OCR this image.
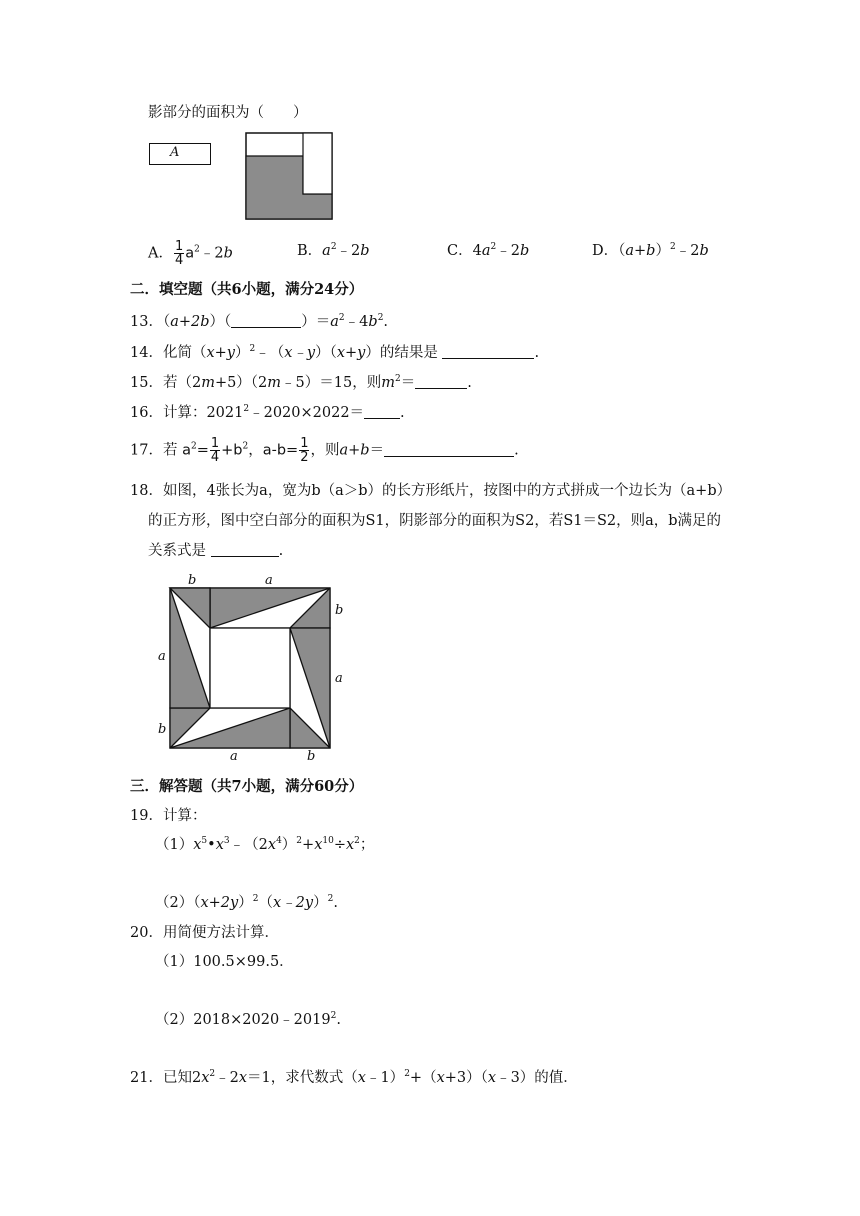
影部分的面积为（　　）
A
A． $\frac{1}{4}$ $a^2﹣2b$	B．$a^2﹣2b$	C．$4a^2﹣2b$	D．$(a+b)^2﹣2b$
二．填空题（共6小题，满分24分）
13．（a+2b）（	）$=a^2﹣4b^2$.
14．化简$(x+y)^2﹣(x﹣y)(x+y)$的结果是	.
15．若（2m+5）（2m﹣5）＝15，则$m^2=$	.
16．计算：$2021^2﹣2020\times 2022=$ .
17．若 $a^2= \frac{1}{4} +b^2$，$a-b= \frac{1}{2}$ ，则a+b＝	.
18．如图，4张长为a，宽为b（a＞b）的长方形纸片，按图中的方式拼成一个边长为（a+b）
的正方形，图中空白部分的面积为S1，阴影部分的面积为S2，若S1＝S2，则a，b满足的
关系式是	.
b	a
b
a
a
b
a	b
三．解答题（共7小题，满分60分）
19．计算：
$(1)x^5•x^3﹣(2x^4)^2+x^{10}\div x^2$；
$(2)(x+2y)^2(x﹣2y)^2$.
20．用简便方法计算．
（1）100.5×99.5．
$(2)2018\times 2020﹣2019^2$.
21．已知$2x^2﹣2x=1$，求代数式（x﹣1）$^2$+（x+3）（x﹣3）的值．
